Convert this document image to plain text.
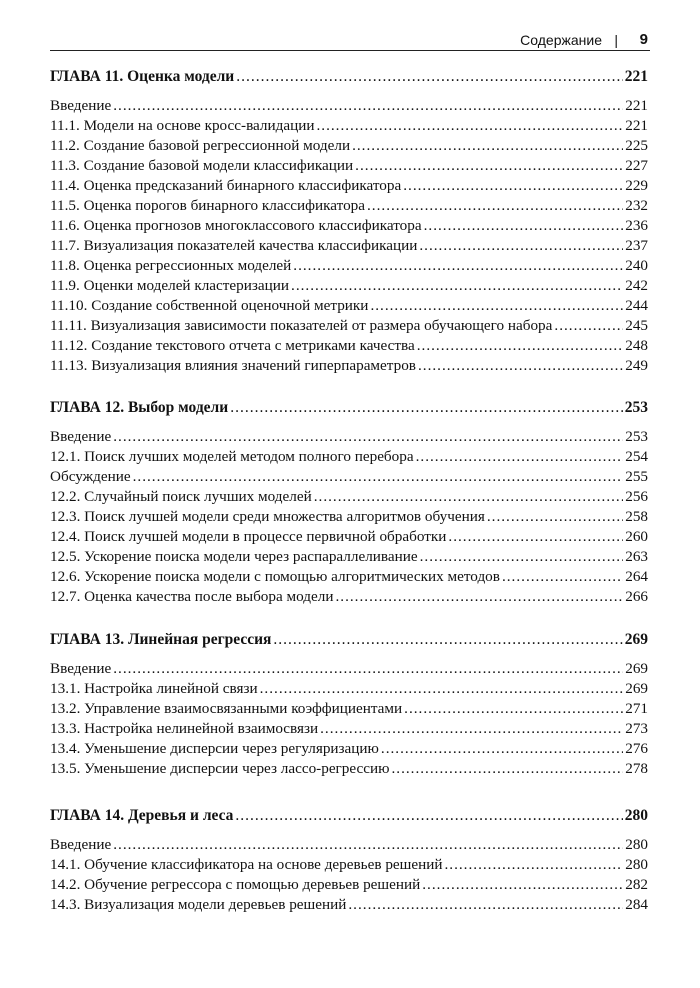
Содержание | 9
ГЛАВА 11. Оценка модели .....	221
Введение .....	221
11.1. Модели на основе кросс-валидации .....	221
11.2. Создание базовой регрессионной модели .....	225
11.3. Создание базовой модели классификации .....	227
11.4. Оценка предсказаний бинарного классификатора .....	229
11.5. Оценка порогов бинарного классификатора .....	232
11.6. Оценка прогнозов многоклассового классификатора .....	236
11.7. Визуализация показателей качества классификации .....	237
11.8. Оценка регрессионных моделей .....	240
11.9. Оценки моделей кластеризации .....	242
11.10. Создание собственной оценочной метрики .....	244
11.11. Визуализация зависимости показателей от размера обучающего набора .....	245
11.12. Создание текстового отчета с метриками качества .....	248
11.13. Визуализация влияния значений гиперпараметров .....	249
ГЛАВА 12. Выбор модели .....	253
Введение .....	253
12.1. Поиск лучших моделей методом полного перебора .....	254
Обсуждение .....	255
12.2. Случайный поиск лучших моделей .....	256
12.3. Поиск лучшей модели среди множества алгоритмов обучения .....	258
12.4. Поиск лучшей модели в процессе первичной обработки .....	260
12.5. Ускорение поиска модели через распараллеливание .....	263
12.6. Ускорение поиска модели с помощью алгоритмических методов .....	264
12.7. Оценка качества после выбора модели .....	266
ГЛАВА 13. Линейная регрессия .....	269
Введение .....	269
13.1. Настройка линейной связи .....	269
13.2. Управление взаимосвязанными коэффициентами .....	271
13.3. Настройка нелинейной взаимосвязи .....	273
13.4. Уменьшение дисперсии через регуляризацию .....	276
13.5. Уменьшение дисперсии через лассо-регрессию .....	278
ГЛАВА 14. Деревья и леса .....	280
Введение .....	280
14.1. Обучение классификатора на основе деревьев решений .....	280
14.2. Обучение регрессора с помощью деревьев решений .....	282
14.3. Визуализация модели деревьев решений .....	284
